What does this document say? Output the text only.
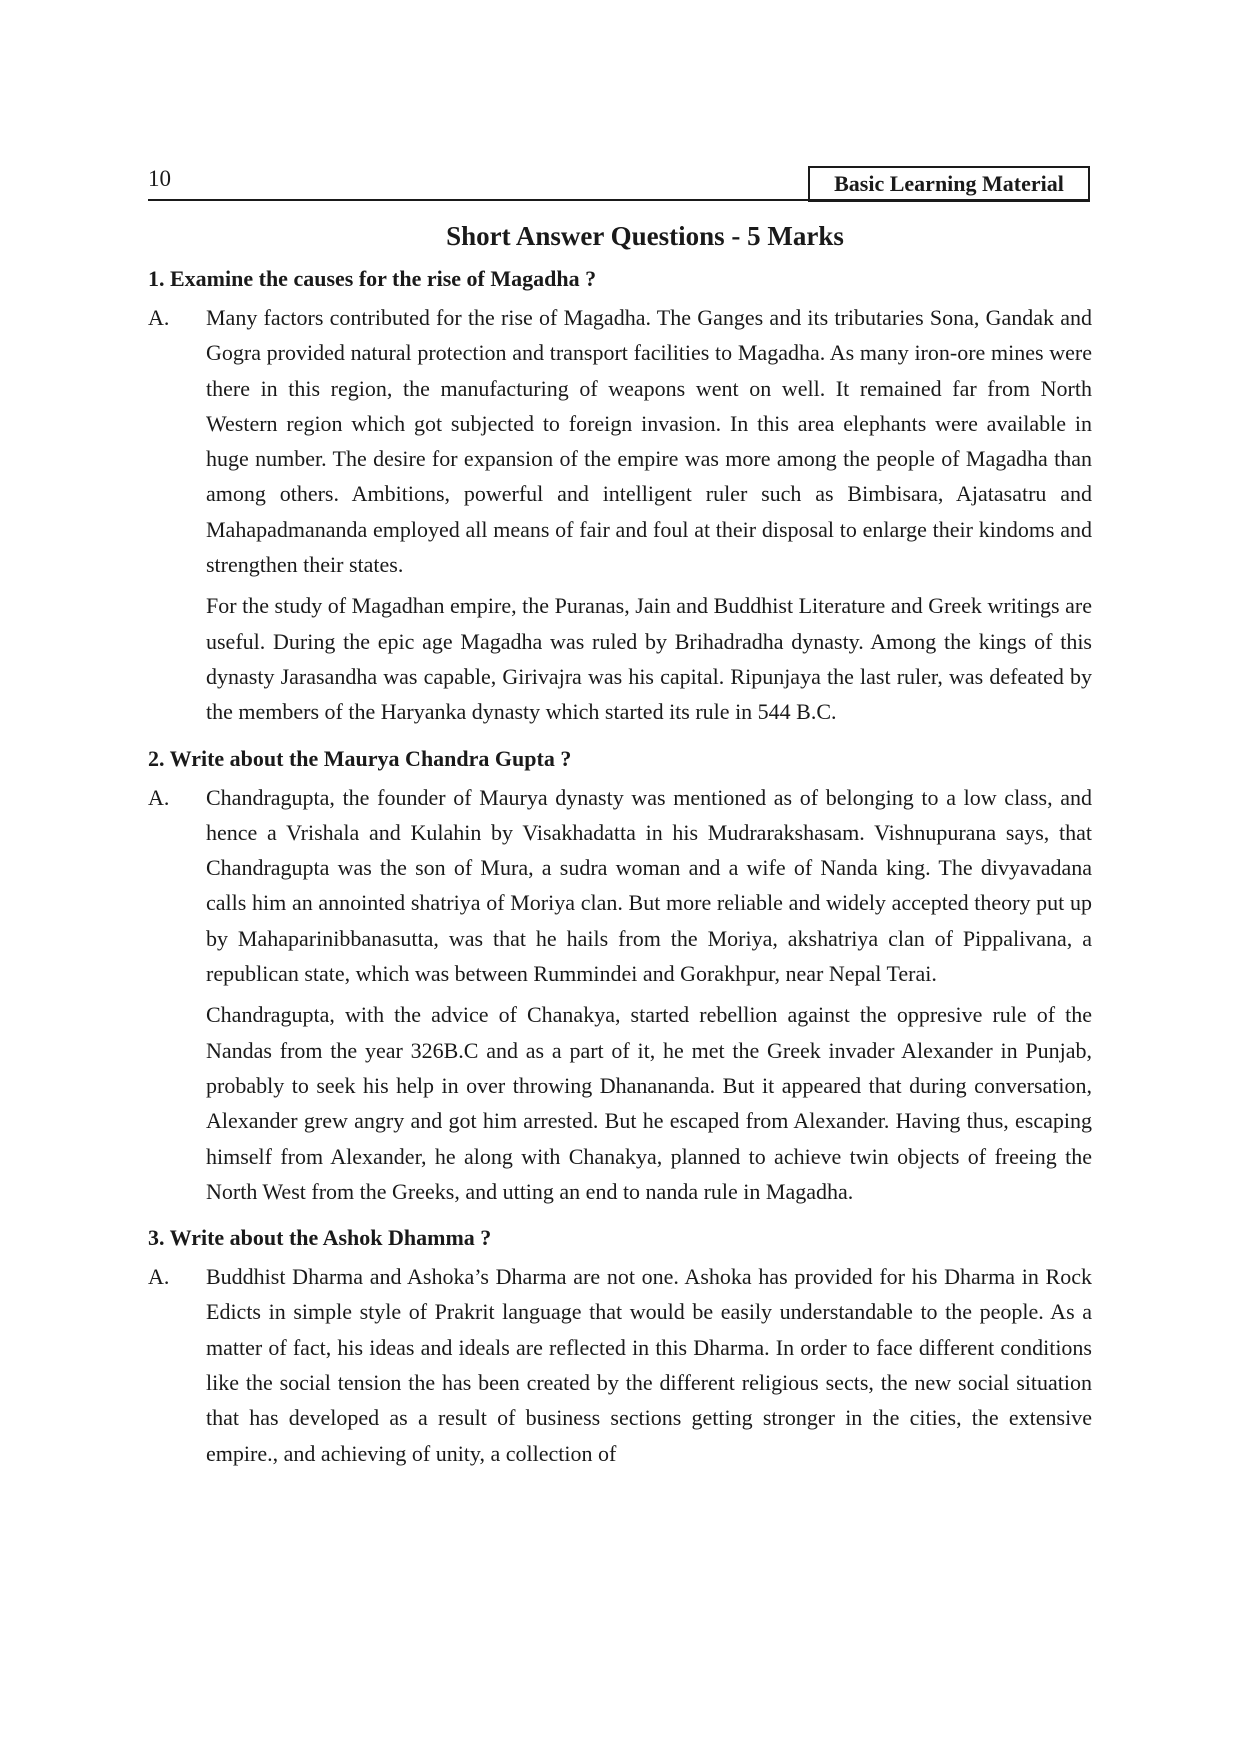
10	Basic Learning Material
Short Answer Questions - 5 Marks
1. Examine the causes for the rise of Magadha ?
A.	Many factors contributed for the rise of Magadha. The Ganges and its tributaries Sona, Gandak and Gogra provided natural protection and transport facilities to Magadha. As many iron-ore mines were there in this region, the manufacturing of weapons went on well. It remained far from North Western region which got subjected to foreign invasion. In this area elephants were available in huge number. The desire for expansion of the empire was more among the people of Magadha than among others. Ambitions, powerful and intelligent ruler such as Bimbisara, Ajatasatru and Mahapadmananda employed all means of fair and foul at their disposal to enlarge their kindoms and strengthen their states.

For the study of Magadhan empire, the Puranas, Jain and Buddhist Literature and Greek writings are useful. During the epic age Magadha was ruled by Brihadradha dynasty. Among the kings of this dynasty Jarasandha was capable, Girivajra was his capital. Ripunjaya the last ruler, was defeated by the members of the Haryanka dynasty which started its rule in 544 B.C.

2. Write about the Maurya Chandra Gupta ?
A.	Chandragupta, the founder of Maurya dynasty was mentioned as of belonging to a low class, and hence a Vrishala and Kulahin by Visakhadatta in his Mudrarakshasam. Vishnupurana says, that Chandragupta was the son of Mura, a sudra woman and a wife of Nanda king. The divyavadana calls him an annointed shatriya of Moriya clan. But more reliable and widely accepted theory put up by Mahaparinibbanasutta, was that he hails from the Moriya, akshatriya clan of Pippalivana, a republican state, which was between Rummindei and Gorakhpur, near Nepal Terai.

Chandragupta, with the advice of Chanakya, started rebellion against the oppresive rule of the Nandas from the year 326B.C and as a part of it, he met the Greek invader Alexander in Punjab, probably to seek his help in over throwing Dhanananda. But it appeared that during conversation, Alexander grew angry and got him arrested. But he escaped from Alexander. Having thus, escaping himself from Alexander, he along with Chanakya, planned to achieve twin objects of freeing the North West from the Greeks, and utting an end to nanda rule in Magadha.

3. Write about the Ashok Dhamma ?
A.	Buddhist Dharma and Ashoka’s Dharma are not one. Ashoka has provided for his Dharma in Rock Edicts in simple style of Prakrit language that would be easily understandable to the people. As a matter of fact, his ideas and ideals are reflected in this Dharma. In order to face different conditions like the social tension the has been created by the different religious sects, the new social situation that has developed as a result of business sections getting stronger in the cities, the extensive empire., and achieving of unity, a collection of
